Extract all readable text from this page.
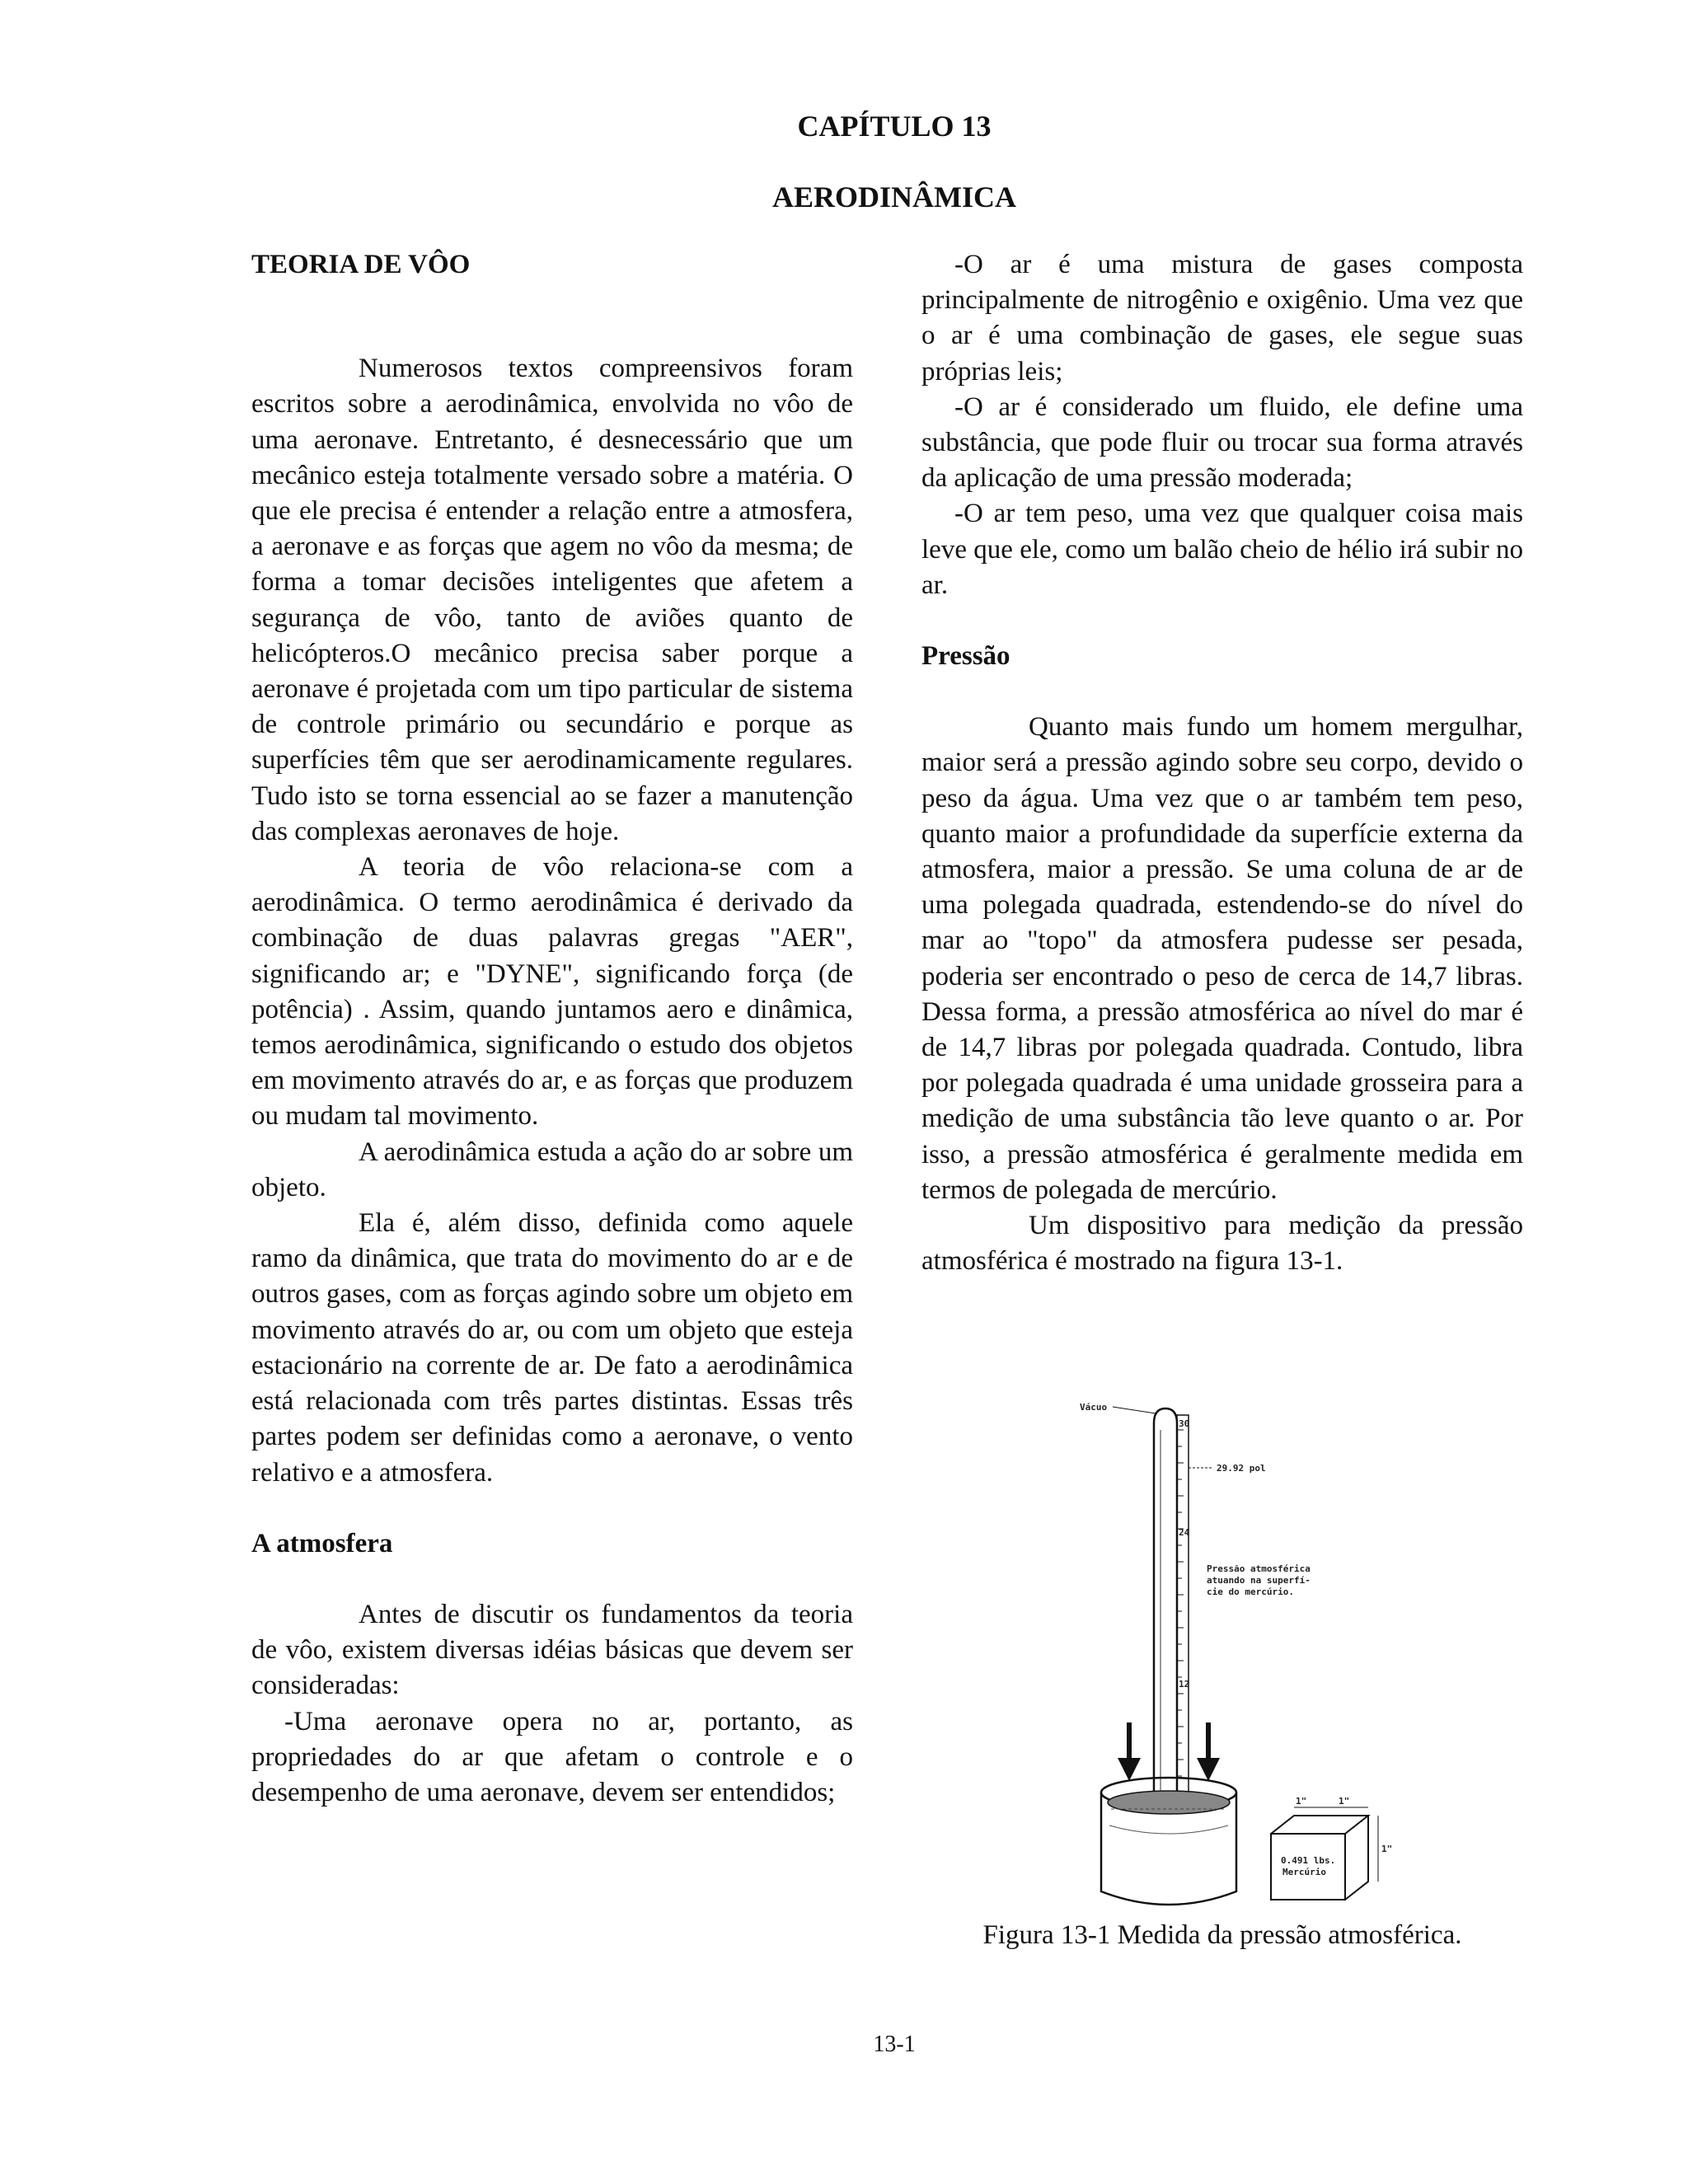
CAPÍTULO 13
AERODINÂMICA
TEORIA DE VÔO

Numerosos textos compreensivos foram escritos sobre a aerodinâmica, envolvida no vôo de uma aeronave. Entretanto, é desnecessário que um mecânico esteja totalmente versado sobre a matéria. O que ele precisa é entender a relação entre a atmosfera, a aeronave e as forças que agem no vôo da mesma; de forma a tomar decisões inteligentes que afetem a segurança de vôo, tanto de aviões quanto de helicópteros.O mecânico precisa saber porque a aeronave é projetada com um tipo particular de sistema de controle primário ou secundário e porque as superfícies têm que ser aerodinamicamente regulares. Tudo isto se torna essencial ao se fazer a manutenção das complexas aeronaves de hoje.

A teoria de vôo relaciona-se com a aerodinâmica. O termo aerodinâmica é derivado da combinação de duas palavras gregas "AER", significando ar; e "DYNE", significando força (de potência) . Assim, quando juntamos aero e dinâmica, temos aerodinâmica, significando o estudo dos objetos em movimento através do ar, e as forças que produzem ou mudam tal movimento.

A aerodinâmica estuda a ação do ar sobre um objeto.

Ela é, além disso, definida como aquele ramo da dinâmica, que trata do movimento do ar e de outros gases, com as forças agindo sobre um objeto em movimento através do ar, ou com um objeto que esteja estacionário na corrente de ar. De fato a aerodinâmica está relacionada com três partes distintas. Essas três partes podem ser definidas como a aeronave, o vento relativo e a atmosfera.

A atmosfera

Antes de discutir os fundamentos da teoria de vôo, existem diversas idéias básicas que devem ser consideradas:

-Uma aeronave opera no ar, portanto, as propriedades do ar que afetam o controle e o desempenho de uma aeronave, devem ser entendidos;

-O ar é uma mistura de gases composta principalmente de nitrogênio e oxigênio. Uma vez que o ar é uma combinação de gases, ele segue suas próprias leis;

-O ar é considerado um fluido, ele define uma substância, que pode fluir ou trocar sua forma através da aplicação de uma pressão moderada;

-O ar tem peso, uma vez que qualquer coisa mais leve que ele, como um balão cheio de hélio irá subir no ar.

Pressão

Quanto mais fundo um homem mergulhar, maior será a pressão agindo sobre seu corpo, devido o peso da água. Uma vez que o ar também tem peso, quanto maior a profundidade da superfície externa da atmosfera, maior a pressão. Se uma coluna de ar de uma polegada quadrada, estendendo-se do nível do mar ao "topo" da atmosfera pudesse ser pesada, poderia ser encontrado o peso de cerca de 14,7 libras. Dessa forma, a pressão atmosférica ao nível do mar é de 14,7 libras por polegada quadrada. Contudo, libra por polegada quadrada é uma unidade grosseira para a medição de uma substância tão leve quanto o ar. Por isso, a pressão atmosférica é geralmente medida em termos de polegada de mercúrio.

Um dispositivo para medição da pressão atmosférica é mostrado na figura 13-1.

30
24
12
Vácuo
29.92 pol
Pressão atmosférica
atuando na superfí-
cie do mercúrio.
1"	1"
1"
0.491 lbs.
Mercúrio
Figura 13-1 Medida da pressão atmosférica.
13-1
